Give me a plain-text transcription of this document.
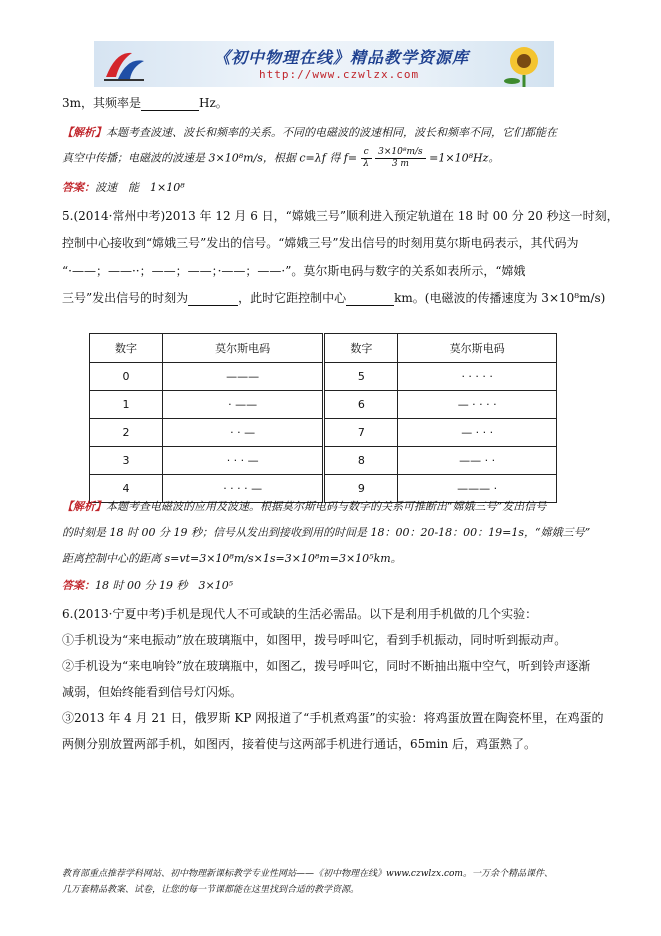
《初中物理在线》精品教学资源库
http://www.czwlzx.com
3m，其频率是	Hz。
【解析】本题考查波速、波长和频率的关系。不同的电磁波的波速相同，波长和频率不同，它们都能在
真空中传播；电磁波的波速是 3×10⁸m/s，根据 c=λf 得 $f= \frac{c}{\lambda}$
$\frac{\text{3×10⁸m/s}}{3 m} =1\times 10^8Hz$。
答案：波速　能　1×10⁸
5.(2014·常州中考)2013 年 12 月 6 日，“嫦娥三号”顺利进入预定轨道在 18 时 00 分 20 秒这一时刻，
控制中心接收到“嫦娥三号”发出的信号。“嫦娥三号”发出信号的时刻用莫尔斯电码表示，其代码为
“·——；——··；——；——；·——；——·”。莫尔斯电码与数字的关系如表所示，“嫦娥
三号”发出信号的时刻为	，此时它距控制中心	km。(电磁波的传播速度为 3×10⁸m/s)
数字	莫尔斯电码	数字	莫尔斯电码
0	———	5	· · · · ·
1	· ——	6	— · · · ·
2	· · —	7	— · · ·
3	· · · —	8	—— · ·
4	· · · · —	9	——— ·
【解析】本题考查电磁波的应用及波速。根据莫尔斯电码与数字的关系可推断出“嫦娥三号”发出信号
的时刻是 18 时 00 分 19 秒；信号从发出到接收到用的时间是 18：00：20-18：00：19=1s，“嫦娥三号”
距离控制中心的距离 s=vt=3×10⁸m/s×1s=3×10⁸m=3×10⁵km。
答案：18 时 00 分 19 秒　3×10⁵
6.(2013·宁夏中考)手机是现代人不可或缺的生活必需品。以下是利用手机做的几个实验：
①手机设为“来电振动”放在玻璃瓶中，如图甲，拨号呼叫它，看到手机振动，同时听到振动声。
②手机设为“来电响铃”放在玻璃瓶中，如图乙，拨号呼叫它，同时不断抽出瓶中空气，听到铃声逐渐
减弱，但始终能看到信号灯闪烁。
③2013 年 4 月 21 日，俄罗斯 KP 网报道了“手机煮鸡蛋”的实验：将鸡蛋放置在陶瓷杯里，在鸡蛋的
两侧分别放置两部手机，如图丙，接着使与这两部手机进行通话，65min 后，鸡蛋熟了。
教育部重点推荐学科网站、初中物理新课标教学专业性网站——《初中物理在线》www.czwlzx.com。一万余个精品课件、
几万套精品教案、试卷，让您的每一节课都能在这里找到合适的教学资源。
